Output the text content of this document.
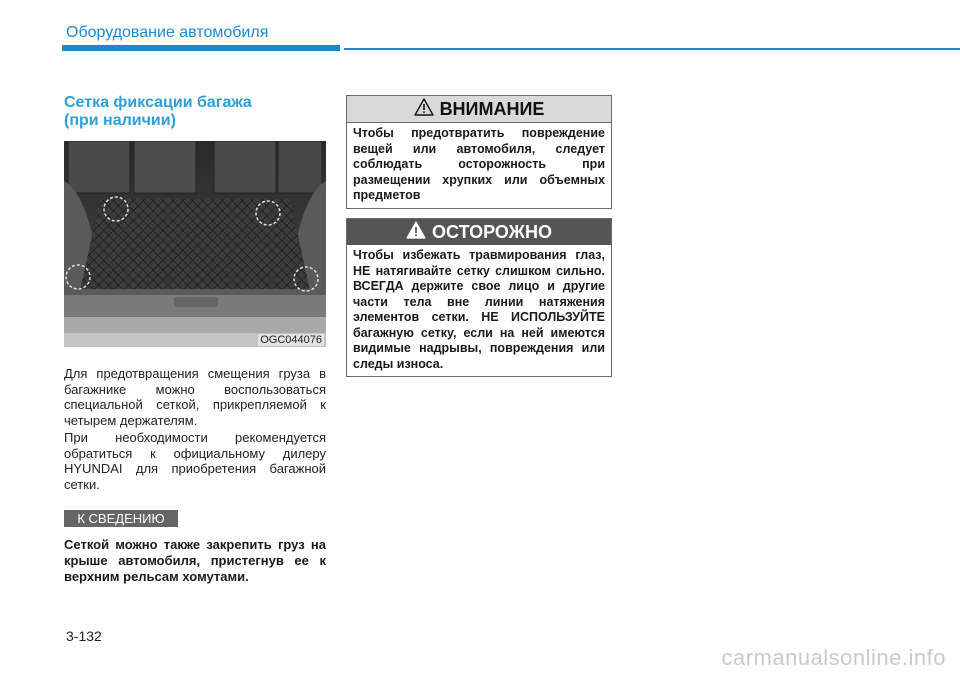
Оборудование автомобиля
Сетка фиксации багажа
(при наличии)
OGC044076
Для предотвращения смещения груза в багажнике можно воспользоваться специальной сеткой, прикрепляемой к четырем держателям.
При необходимости рекомендуется обратиться к официальному дилеру HYUNDAI для приобретения багажной сетки.
К СВЕДЕНИЮ
Сеткой можно также закрепить груз на крыше автомобиля, пристегнув ее к верхним рельсам хомутами.
ВНИМАНИЕ
Чтобы предотвратить повреждение вещей или автомобиля, следует соблюдать осторожность при размещении хрупких или объемных предметов
ОСТОРОЖНО
Чтобы избежать травмирования глаз, НЕ натягивайте сетку слишком сильно. ВСЕГДА держите свое лицо и другие части тела вне линии натяжения элементов сетки. НЕ ИСПОЛЬЗУЙТЕ багажную сетку, если на ней имеются видимые надрывы, повреждения или следы износа.
3-132
carmanualsonline.info
